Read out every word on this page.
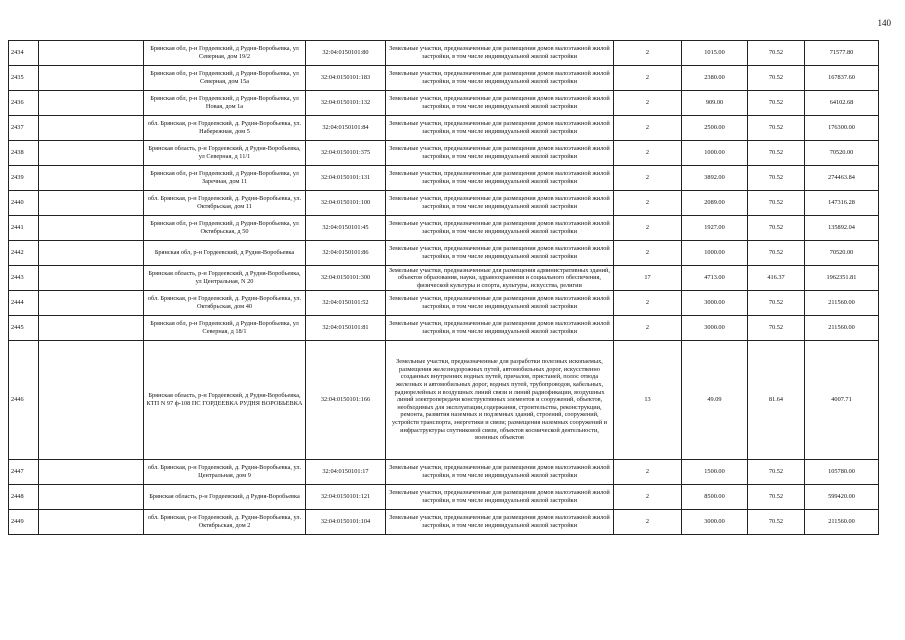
140
2434		Брянская обл, р-н Гордеевский, д Рудня-Воробьевка, ул Северная, дом 19/2	32:04:0150101:80	Земельные участки, предназначенные для размещения домов малоэтажной жилой застройки, в том числе индивидуальной жилой застройки	2	1015.00	70.52	71577.80
2435		Брянская обл, р-н Гордеевский, д Рудня-Воробьевка, ул Северная, дом 15а	32:04:0150101:183	Земельные участки, предназначенные для размещения домов малоэтажной жилой застройки, в том числе индивидуальной жилой застройки	2	2380.00	70.52	167837.60
2436		Брянская обл, р-н Гордеевский, д Рудня-Воробьевка, ул Новая, дом 1а	32:04:0150101:132	Земельные участки, предназначенные для размещения домов малоэтажной жилой застройки, в том числе индивидуальной жилой застройки	2	909.00	70.52	64102.68
2437		обл. Брянская, р-н Гордеевский, д. Рудня-Воробьевка, ул. Набережная, дом 5	32:04:0150101:84	Земельные участки, предназначенные для размещения домов малоэтажной жилой застройки, в том числе индивидуальной жилой застройки	2	2500.00	70.52	176300.00
2438		Брянская область, р-н Гордеевский, д Рудня-Воробьевка, ул Северная, д 11/1	32:04:0150101:375	Земельные участки, предназначенные для размещения домов малоэтажной жилой застройки, в том числе индивидуальной жилой застройки	2	1000.00	70.52	70520.00
2439		Брянская обл, р-н Гордеевский, д Рудня-Воробьевка, ул Заречная, дом 11	32:04:0150101:131	Земельные участки, предназначенные для размещения домов малоэтажной жилой застройки, в том числе индивидуальной жилой застройки	2	3892.00	70.52	274463.84
2440		обл. Брянская, р-н Гордеевский, д. Рудня-Воробьевка, ул. Октябрьская, дом 11	32:04:0150101:100	Земельные участки, предназначенные для размещения домов малоэтажной жилой застройки, в том числе индивидуальной жилой застройки	2	2089.00	70.52	147316.28
2441		Брянская обл, р-н Гордеевский, д Рудня-Воробьевка, ул Октябрьская, д 50	32:04:0150101:45	Земельные участки, предназначенные для размещения домов малоэтажной жилой застройки, в том числе индивидуальной жилой застройки	2	1927.00	70.52	135892.04
2442		Брянская обл, р-н Гордеевский, д Рудня-Воробьевка	32:04:0150101:86	Земельные участки, предназначенные для размещения домов малоэтажной жилой застройки, в том числе индивидуальной жилой застройки	2	1000.00	70.52	70520.00
2443		Брянская область, р-н Гордеевский, д Рудня-Воробьевка, ул Центральная, N 20	32:04:0150101:300	Земельные участки, предназначенные для размещения административных зданий, объектов образования, науки, здравоохранения и социального обеспечения, физической культуры и спорта, культуры, искусства, религии	17	4713.00	416.37	1962351.81
2444		обл. Брянская, р-н Гордеевский, д. Рудня-Воробьевка, ул. Октябрьская, дом 40	32:04:0150101:52	Земельные участки, предназначенные для размещения домов малоэтажной жилой застройки, в том числе индивидуальной жилой застройки	2	3000.00	70.52	211560.00
2445		Брянская обл, р-н Гордеевский, д Рудня-Воробьевка, ул Северная, д 18/1	32:04:0150101:81	Земельные участки, предназначенные для размещения домов малоэтажной жилой застройки, в том числе индивидуальной жилой застройки	2	3000.00	70.52	211560.00
2446		Брянская область, р-н Гордеевский, д Рудня-Воробьевка, КТП N 97 ф-108 ПС ГОРДЕЕВКА РУДНЯ ВОРОБЬЕВКА	32:04:0150101:166	Земельные участки, предназначенные для разработки полезных ископаемых, размещения железнодорожных путей, автомобильных дорог, искусственно созданных внутренних водных путей, причалов, пристаней, полос отвода железных и автомобильных дорог, водных путей, трубопроводов, кабельных, радиорелейных и воздушных линий связи и линий радиофикации, воздушных линий электропередачи конструктивных элементов и сооружений, объектов, необходимых для эксплуатации,содержания, строительства, реконструкции, ремонта, развития наземных и подземных зданий, строений, сооружений, устройств транспорта, энергетики и связи; размещения наземных сооружений и инфраструктуры спутниковой связи, объектов космической деятельности, военных объектов	13	49.09	81.64	4007.71
2447		обл. Брянская, р-н Гордеевский, д. Рудня-Воробьевка, ул. Центральная, дом 9	32:04:0150101:17	Земельные участки, предназначенные для размещения домов малоэтажной жилой застройки, в том числе индивидуальной жилой застройки	2	1500.00	70.52	105780.00
2448		Брянская область, р-н Гордеевский, д Рудня-Воробьевка	32:04:0150101:121	Земельные участки, предназначенные для размещения домов малоэтажной жилой застройки, в том числе индивидуальной жилой застройки	2	8500.00	70.52	599420.00
2449		обл. Брянская, р-н Гордеевский, д. Рудня-Воробьевка, ул. Октябрьская, дом 2	32:04:0150101:104	Земельные участки, предназначенные для размещения домов малоэтажной жилой застройки, в том числе индивидуальной жилой застройки	2	3000.00	70.52	211560.00
